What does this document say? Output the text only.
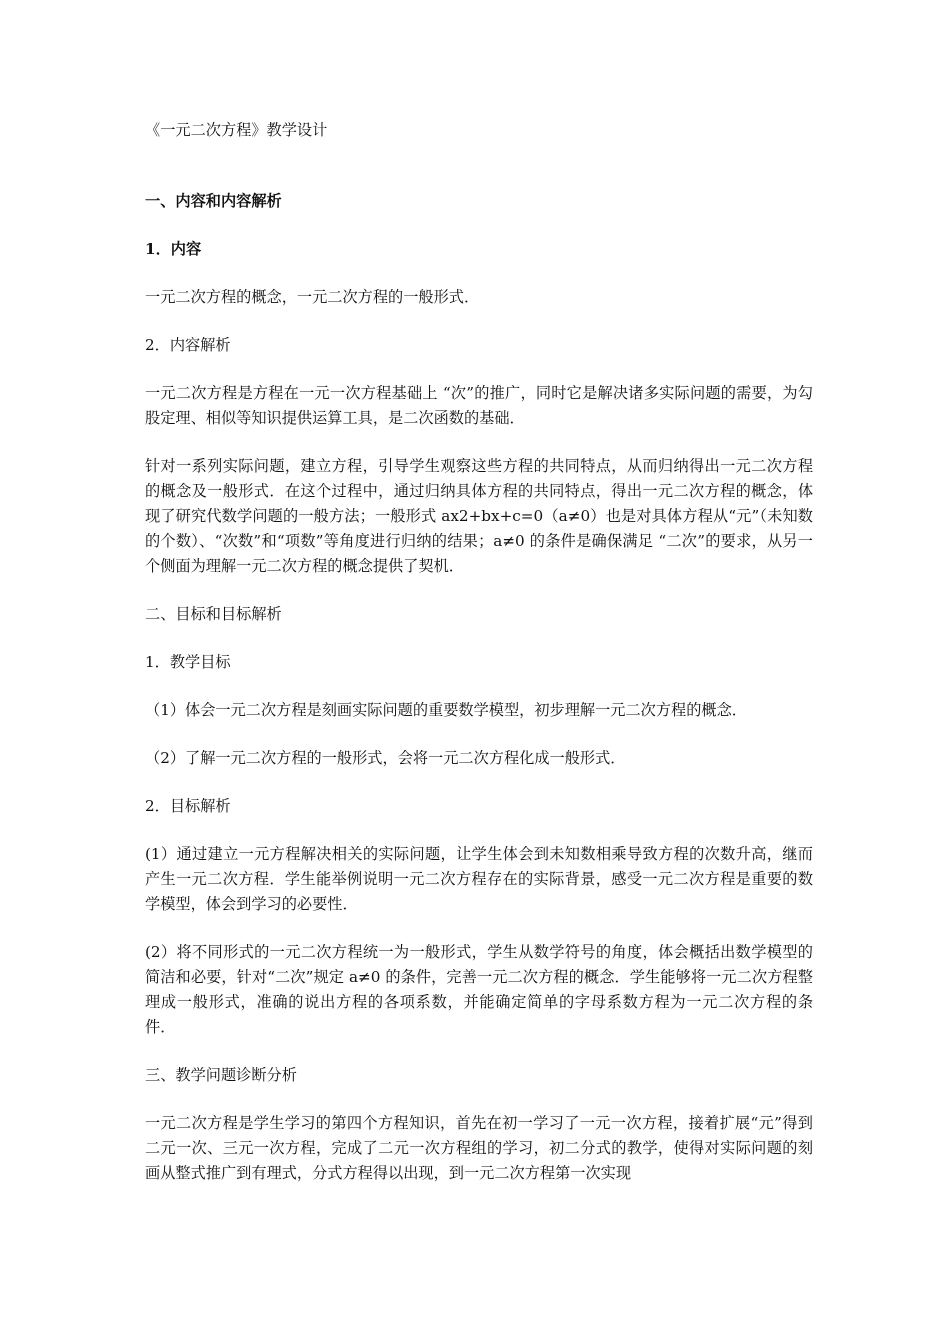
《一元二次方程》教学设计

一、内容和内容解析

1．内容

一元二次方程的概念，一元二次方程的一般形式．

2．内容解析

一元二次方程是方程在一元一次方程基础上 “次”的推广，同时它是解决诸多实际问题的需要，为勾股定理、相似等知识提供运算工具，是二次函数的基础．

针对一系列实际问题，建立方程，引导学生观察这些方程的共同特点，从而归纳得出一元二次方程的概念及一般形式．在这个过程中，通过归纳具体方程的共同特点，得出一元二次方程的概念，体现了研究代数学问题的一般方法；一般形式 ax2+bx+c=0（a≠0）也是对具体方程从“元”（未知数的个数）、“次数”和“项数”等角度进行归纳的结果；a≠0 的条件是确保满足 “二次”的要求，从另一个侧面为理解一元二次方程的概念提供了契机．

二、目标和目标解析

1．教学目标

（1）体会一元二次方程是刻画实际问题的重要数学模型，初步理解一元二次方程的概念．

（2）了解一元二次方程的一般形式，会将一元二次方程化成一般形式．

2．目标解析

(1）通过建立一元方程解决相关的实际问题，让学生体会到未知数相乘导致方程的次数升高，继而产生一元二次方程．学生能举例说明一元二次方程存在的实际背景，感受一元二次方程是重要的数学模型，体会到学习的必要性．

(2）将不同形式的一元二次方程统一为一般形式，学生从数学符号的角度，体会概括出数学模型的简洁和必要，针对“二次”规定 a≠0 的条件，完善一元二次方程的概念．学生能够将一元二次方程整理成一般形式，准确的说出方程的各项系数，并能确定简单的字母系数方程为一元二次方程的条件．

三、教学问题诊断分析

一元二次方程是学生学习的第四个方程知识，首先在初一学习了一元一次方程，接着扩展“元”得到二元一次、三元一次方程，完成了二元一次方程组的学习，初二分式的教学，使得对实际问题的刻画从整式推广到有理式，分式方程得以出现，到一元二次方程第一次实现
